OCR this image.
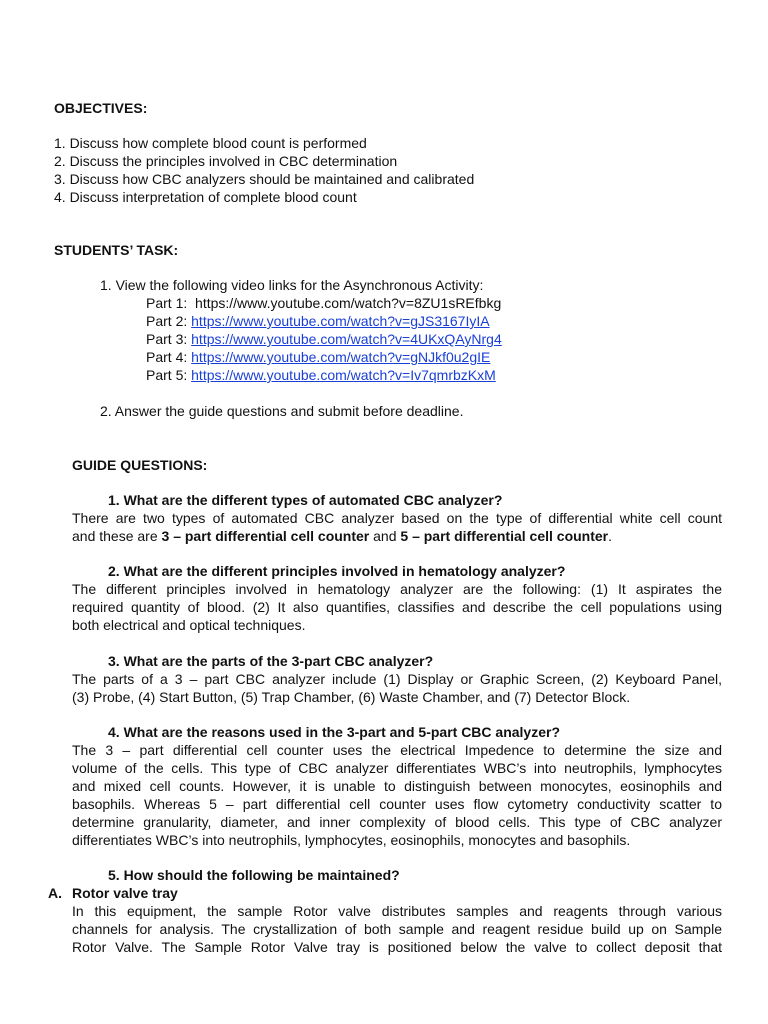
OBJECTIVES:
1. Discuss how complete blood count is performed
2. Discuss the principles involved in CBC determination
3. Discuss how CBC analyzers should be maintained and calibrated
4. Discuss interpretation of complete blood count
STUDENTS’ TASK:
1. View the following video links for the Asynchronous Activity:
Part 1: https://www.youtube.com/watch?v=8ZU1sREfbkg
Part 2: https://www.youtube.com/watch?v=gJS3167IyIA
Part 3: https://www.youtube.com/watch?v=4UKxQAyNrg4
Part 4: https://www.youtube.com/watch?v=gNJkf0u2gIE
Part 5: https://www.youtube.com/watch?v=Iv7qmrbzKxM
2. Answer the guide questions and submit before deadline.
GUIDE QUESTIONS:
1. What are the different types of automated CBC analyzer?
There are two types of automated CBC analyzer based on the type of differential white cell count
and these are 3 – part differential cell counter and 5 – part differential cell counter.
2. What are the different principles involved in hematology analyzer?
The different principles involved in hematology analyzer are the following: (1) It aspirates the
required quantity of blood. (2) It also quantifies, classifies and describe the cell populations using
both electrical and optical techniques.
3. What are the parts of the 3-part CBC analyzer?
The parts of a 3 – part CBC analyzer include (1) Display or Graphic Screen, (2) Keyboard Panel,
(3) Probe, (4) Start Button, (5) Trap Chamber, (6) Waste Chamber, and (7) Detector Block.
4. What are the reasons used in the 3-part and 5-part CBC analyzer?
The 3 – part differential cell counter uses the electrical Impedence to determine the size and
volume of the cells. This type of CBC analyzer differentiates WBC’s into neutrophils, lymphocytes
and mixed cell counts. However, it is unable to distinguish between monocytes, eosinophils and
basophils. Whereas 5 – part differential cell counter uses flow cytometry conductivity scatter to
determine granularity, diameter, and inner complexity of blood cells. This type of CBC analyzer
differentiates WBC’s into neutrophils, lymphocytes, eosinophils, monocytes and basophils.
5. How should the following be maintained?
A. Rotor valve tray
In this equipment, the sample Rotor valve distributes samples and reagents through various
channels for analysis. The crystallization of both sample and reagent residue build up on Sample
Rotor Valve. The Sample Rotor Valve tray is positioned below the valve to collect deposit that
